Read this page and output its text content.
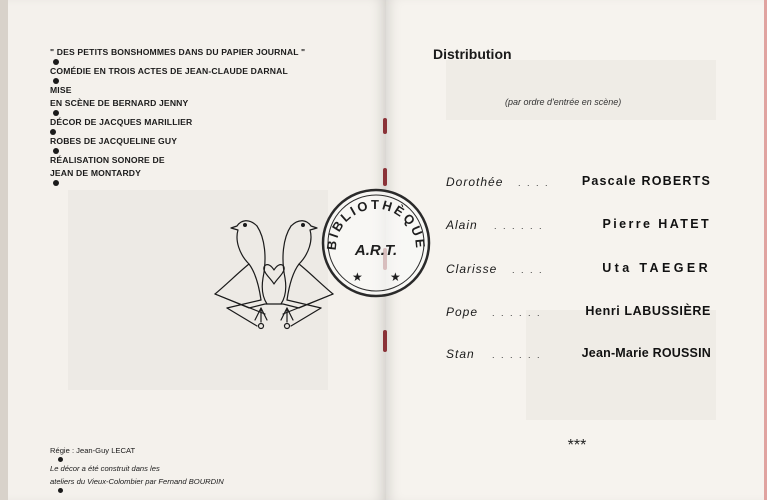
" DES PETITS BONSHOMMES DANS DU PAPIER JOURNAL "
COMÉDIE EN TROIS ACTES DE JEAN-CLAUDE DARNAL
MISE
EN SCÈNE DE BERNARD JENNY
DÉCOR DE JACQUES MARILLIER
ROBES DE JACQUELINE GUY
RÉALISATION SONORE DE
JEAN DE MONTARDY
Régie : Jean-Guy LECAT
Le décor a été construit dans les
ateliers du Vieux-Colombier par Fernand BOURDIN
BIBLIOTHÈQUE
A.R.T.
★ ★
Distribution
(par ordre d'entrée en scène)
Dorothée . . . .	Pascale ROBERTS
Alain . . . . . .	Pierre HATET
Clarisse . . . .	Uta TAEGER
Pope . . . . . .	Henri LABUSSIÈRE
Stan . . . . . .	Jean-Marie ROUSSIN
***
